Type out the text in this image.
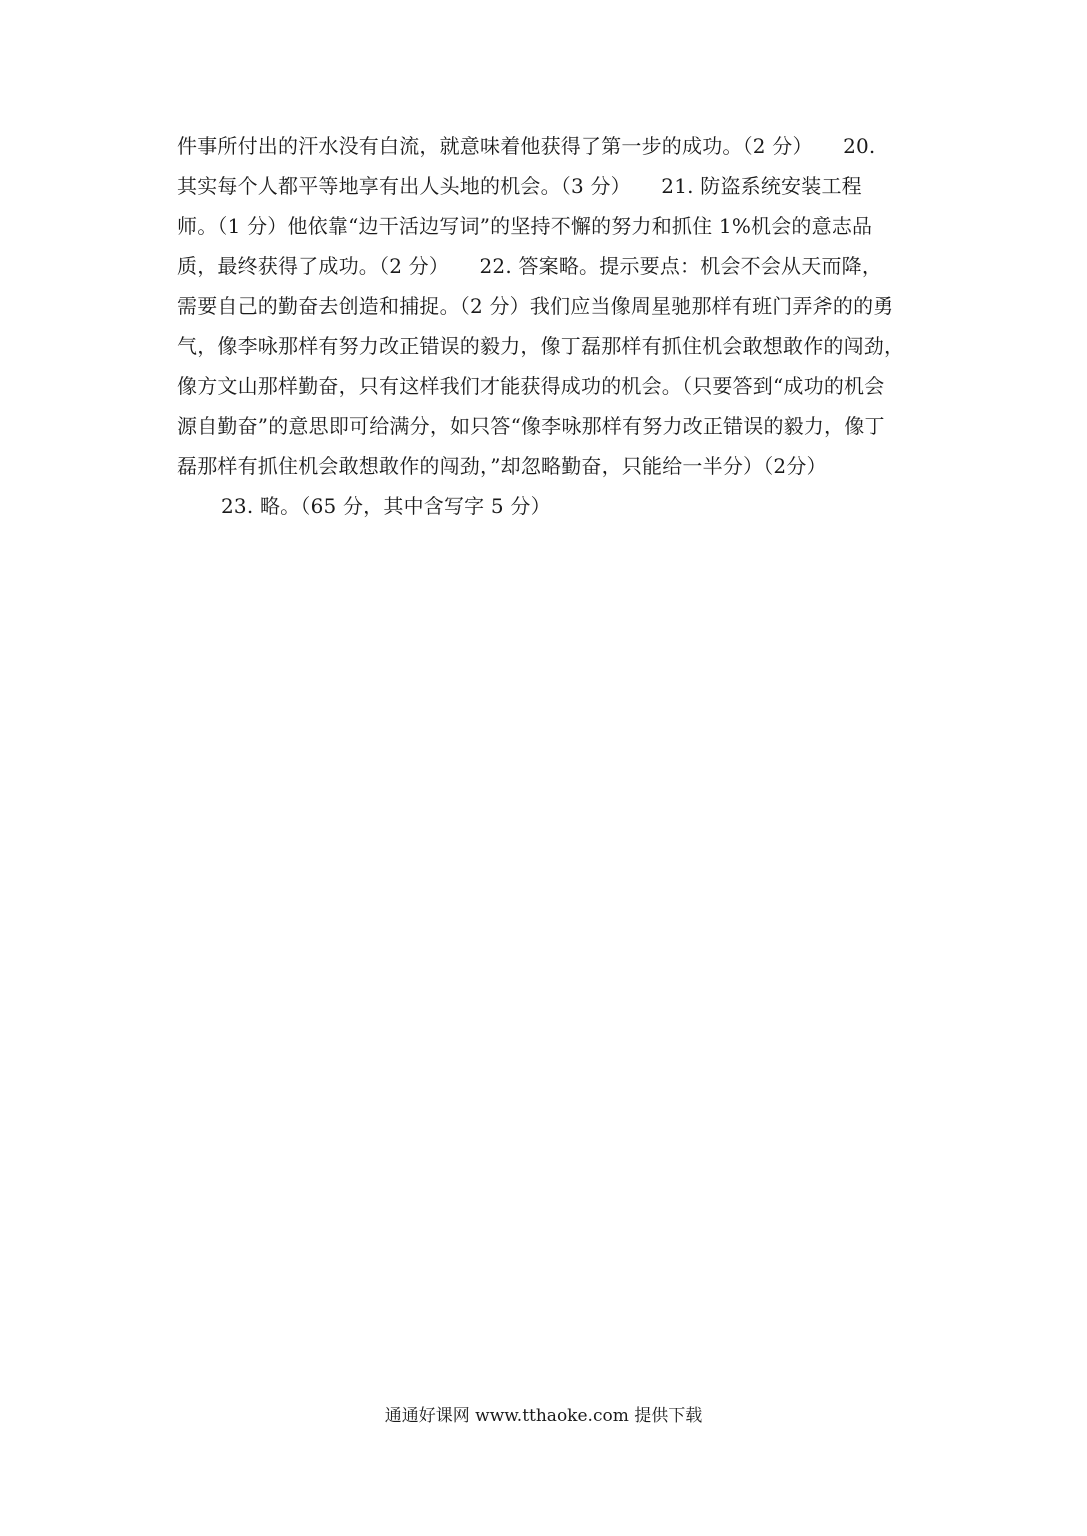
件事所付出的汗水没有白流，就意味着他获得了第一步的成功。（2 分）　　20.
其实每个人都平等地享有出人头地的机会。（3 分）　　21. 防盗系统安装工程
师。（1 分）他依靠“边干活边写词”的坚持不懈的努力和抓住 1%机会的意志品
质，最终获得了成功。（2 分）　　22. 答案略。提示要点：机会不会从天而降，
需要自己的勤奋去创造和捕捉。（2 分）我们应当像周星驰那样有班门弄斧的的勇
气，像李咏那样有努力改正错误的毅力，像丁磊那样有抓住机会敢想敢作的闯劲，
像方文山那样勤奋，只有这样我们才能获得成功的机会。（只要答到“成功的机会
源自勤奋”的意思即可给满分，如只答“像李咏那样有努力改正错误的毅力，像丁
磊那样有抓住机会敢想敢作的闯劲，”却忽略勤奋，只能给一半分）（2分）
23. 略。（65 分，其中含写字 5 分）
通通好课网 www.tthaoke.com 提供下载
